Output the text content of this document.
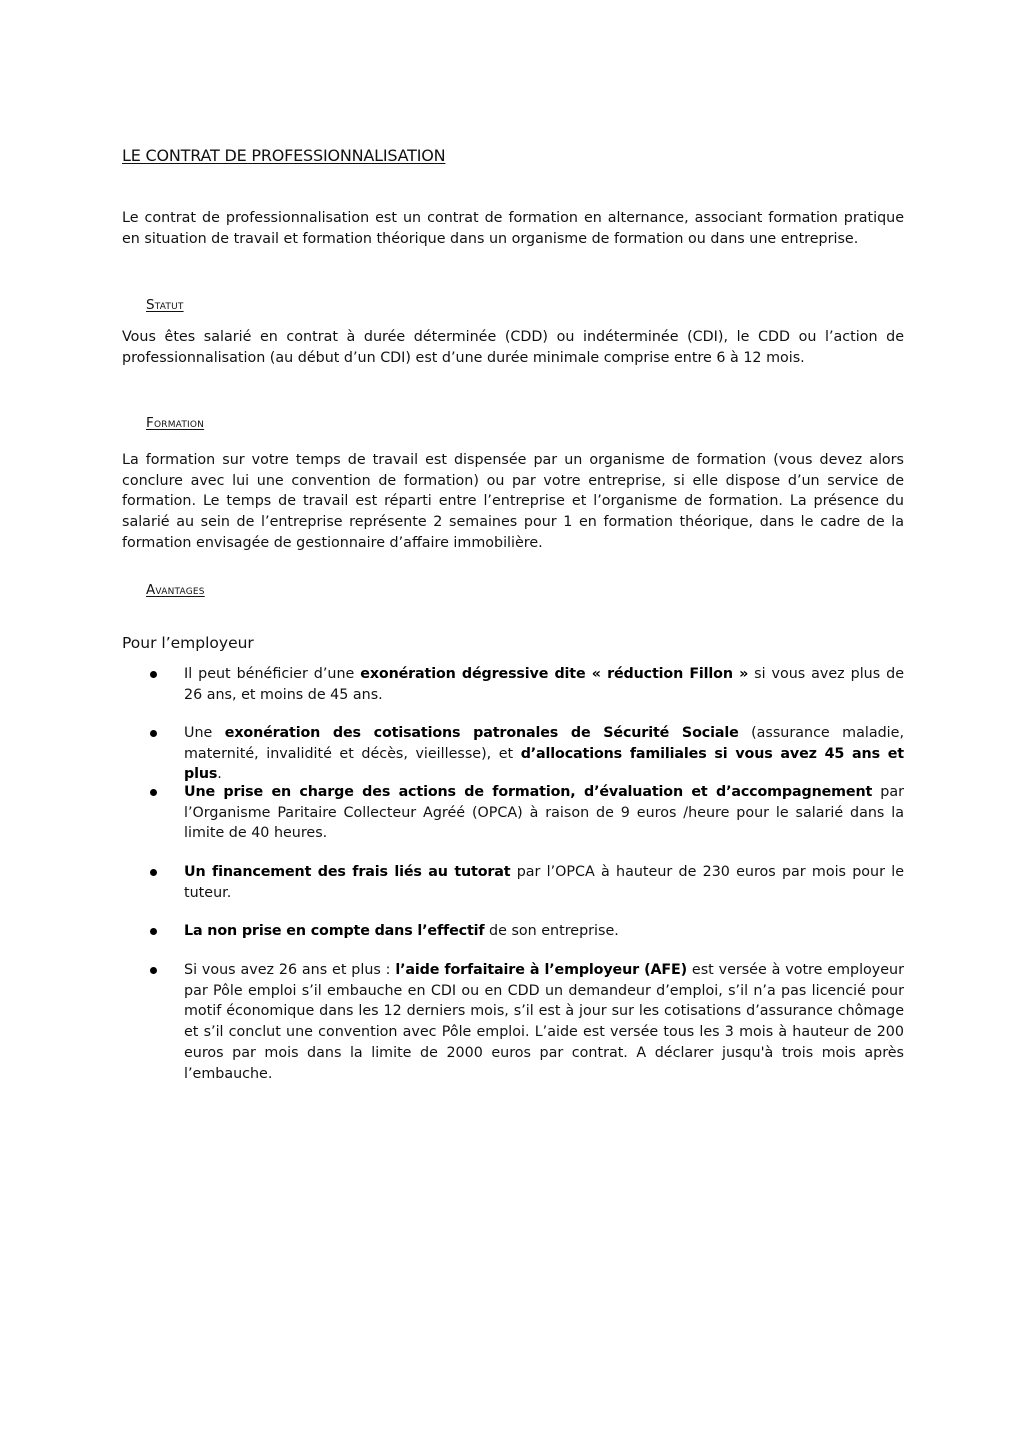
LE CONTRAT DE PROFESSIONNALISATION

Le contrat de professionnalisation est un contrat de formation en alternance, associant formation pratique en situation de travail et formation théorique dans un organisme de formation ou dans une entreprise.

Statut

Vous êtes salarié en contrat à durée déterminée (CDD) ou indéterminée (CDI), le CDD ou l’action de professionnalisation (au début d’un CDI) est d’une durée minimale comprise entre 6 à 12 mois.

Formation

La formation sur votre temps de travail est dispensée par un organisme de formation (vous devez alors conclure avec lui une convention de formation) ou par votre entreprise, si elle dispose d’un service de formation. Le temps de travail est réparti entre l’entreprise et l’organisme de formation. La présence du salarié au sein de l’entreprise représente 2 semaines pour 1 en formation théorique, dans le cadre de la formation envisagée de gestionnaire d’affaire immobilière.

Avantages
Pour l’employeur

Il peut bénéficier d’une exonération dégressive dite « réduction Fillon » si vous avez plus de 26 ans, et moins de 45 ans.

Une exonération des cotisations patronales de Sécurité Sociale (assurance maladie, maternité, invalidité et décès, vieillesse), et d’allocations familiales si vous avez 45 ans et plus.

Une prise en charge des actions de formation, d’évaluation et d’accompagnement par l’Organisme Paritaire Collecteur Agréé (OPCA) à raison de 9 euros /heure pour le salarié dans la limite de 40 heures.

Un financement des frais liés au tutorat par l’OPCA à hauteur de 230 euros par mois pour le tuteur.

La non prise en compte dans l’effectif de son entreprise.

Si vous avez 26 ans et plus : l’aide forfaitaire à l’employeur (AFE) est versée à votre employeur par Pôle emploi s’il embauche en CDI ou en CDD un demandeur d’emploi, s’il n’a pas licencié pour motif économique dans les 12 derniers mois, s’il est à jour sur les cotisations d’assurance chômage et s’il conclut une convention avec Pôle emploi. L’aide est versée tous les 3 mois à hauteur de 200 euros par mois dans la limite de 2000 euros par contrat. A déclarer jusqu'à trois mois après l’embauche.
